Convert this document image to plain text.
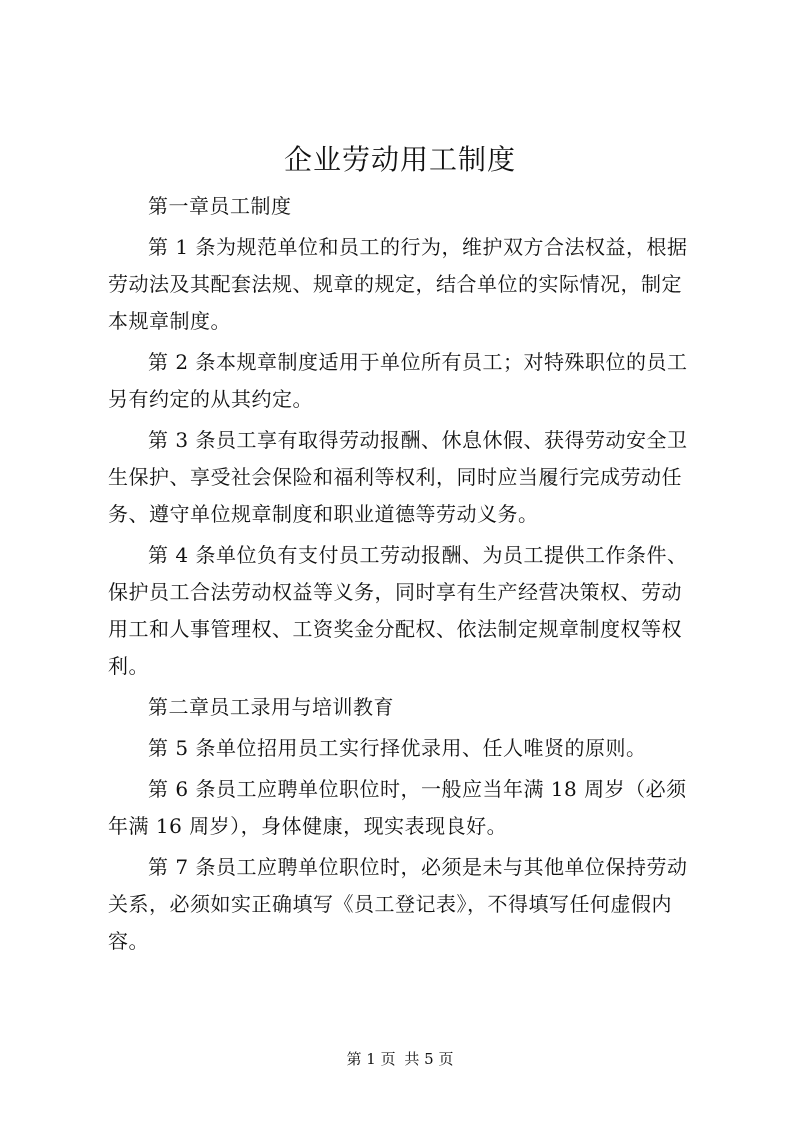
企业劳动用工制度
第一章员工制度
第 1 条为规范单位和员工的行为，维护双方合法权益，根据
劳动法及其配套法规、规章的规定，结合单位的实际情况，制定
本规章制度。
第 2 条本规章制度适用于单位所有员工；对特殊职位的员工
另有约定的从其约定。
第 3 条员工享有取得劳动报酬、休息休假、获得劳动安全卫
生保护、享受社会保险和福利等权利，同时应当履行完成劳动任
务、遵守单位规章制度和职业道德等劳动义务。
第 4 条单位负有支付员工劳动报酬、为员工提供工作条件、
保护员工合法劳动权益等义务，同时享有生产经营决策权、劳动
用工和人事管理权、工资奖金分配权、依法制定规章制度权等权
利。
第二章员工录用与培训教育
第 5 条单位招用员工实行择优录用、任人唯贤的原则。
第 6 条员工应聘单位职位时，一般应当年满 18 周岁（必须
年满 16 周岁），身体健康，现实表现良好。
第 7 条员工应聘单位职位时，必须是未与其他单位保持劳动
关系，必须如实正确填写《员工登记表》，不得填写任何虚假内
容。
第 1 页 共 5 页
